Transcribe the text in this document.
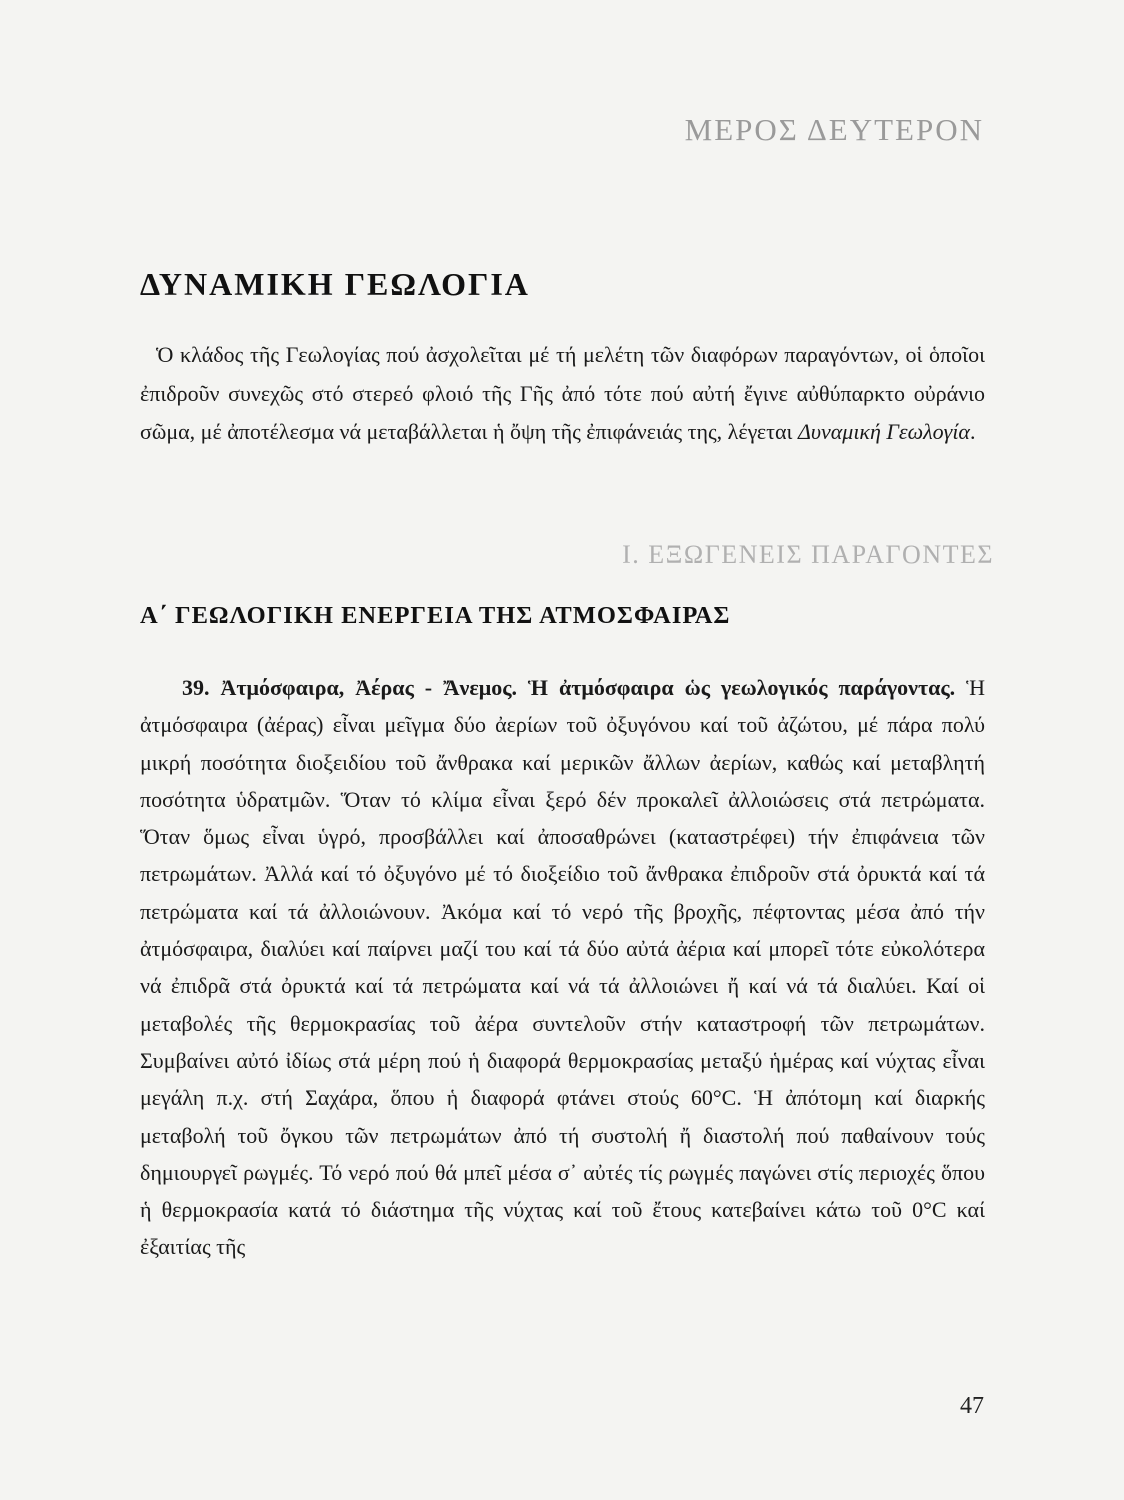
ΜΕΡΟΣ ΔΕΥΤΕΡΟΝ
ΔΥΝΑΜΙΚΗ ΓΕΩΛΟΓΙΑ

Ὁ κλάδος τῆς Γεωλογίας πού ἀσχολεῖται μέ τή μελέτη τῶν διαφόρων παραγόντων, οἱ ὁποῖοι ἐπιδροῦν συνεχῶς στό στερεό φλοιό τῆς Γῆς ἀπό τότε πού αὐτή ἔγινε αὐθύπαρκτο οὐράνιο σῶμα, μέ ἀποτέλεσμα νά μεταβάλλεται ἡ ὄψη τῆς ἐπιφάνειάς της, λέγεται Δυναμική Γεωλογία.

Ι. ΕΞΩΓΕΝΕΙΣ ΠΑΡΑΓΟΝΤΕΣ
Α΄ ΓΕΩΛΟΓΙΚΗ ΕΝΕΡΓΕΙΑ ΤΗΣ ΑΤΜΟΣΦΑΙΡΑΣ

39. Ἀτμόσφαιρα, Ἀέρας - Ἄνεμος. Ἡ ἀτμόσφαιρα ὡς γεωλογικός παράγοντας. Ἡ ἀτμόσφαιρα (ἀέρας) εἶναι μεῖγμα δύο ἀερίων τοῦ ὀξυγόνου καί τοῦ ἀζώτου, μέ πάρα πολύ μικρή ποσότητα διοξειδίου τοῦ ἄνθρακα καί μερικῶν ἄλλων ἀερίων, καθώς καί μεταβλητή ποσότητα ὑδρατμῶν. Ὅταν τό κλίμα εἶναι ξερό δέν προκαλεῖ ἀλλοιώσεις στά πετρώματα. Ὅταν ὅμως εἶναι ὑγρό, προσβάλλει καί ἀποσαθρώνει (καταστρέφει) τήν ἐπιφάνεια τῶν πετρωμάτων. Ἀλλά καί τό ὀξυγόνο μέ τό διοξείδιο τοῦ ἄνθρακα ἐπιδροῦν στά ὀρυκτά καί τά πετρώματα καί τά ἀλλοιώνουν. Ἀκόμα καί τό νερό τῆς βροχῆς, πέφτοντας μέσα ἀπό τήν ἀτμόσφαιρα, διαλύει καί παίρνει μαζί του καί τά δύο αὐτά ἀέρια καί μπορεῖ τότε εὐκολότερα νά ἐπιδρᾶ στά ὀρυκτά καί τά πετρώματα καί νά τά ἀλλοιώνει ἤ καί νά τά διαλύει. Καί οἱ μεταβολές τῆς θερμοκρασίας τοῦ ἀέρα συντελοῦν στήν καταστροφή τῶν πετρωμάτων. Συμβαίνει αὐτό ἰδίως στά μέρη πού ἡ διαφορά θερμοκρασίας μεταξύ ἡμέρας καί νύχτας εἶναι μεγάλη π.χ. στή Σαχάρα, ὅπου ἡ διαφορά φτάνει στούς 60°C. Ἡ ἀπότομη καί διαρκής μεταβολή τοῦ ὄγκου τῶν πετρωμάτων ἀπό τή συστολή ἤ διαστολή πού παθαίνουν τούς δημιουργεῖ ρωγμές. Τό νερό πού θά μπεῖ μέσα σ᾽ αὐτές τίς ρωγμές παγώνει στίς περιοχές ὅπου ἡ θερμοκρασία κατά τό διάστημα τῆς νύχτας καί τοῦ ἔτους κατεβαίνει κάτω τοῦ 0°C καί ἐξαιτίας τῆς

47
